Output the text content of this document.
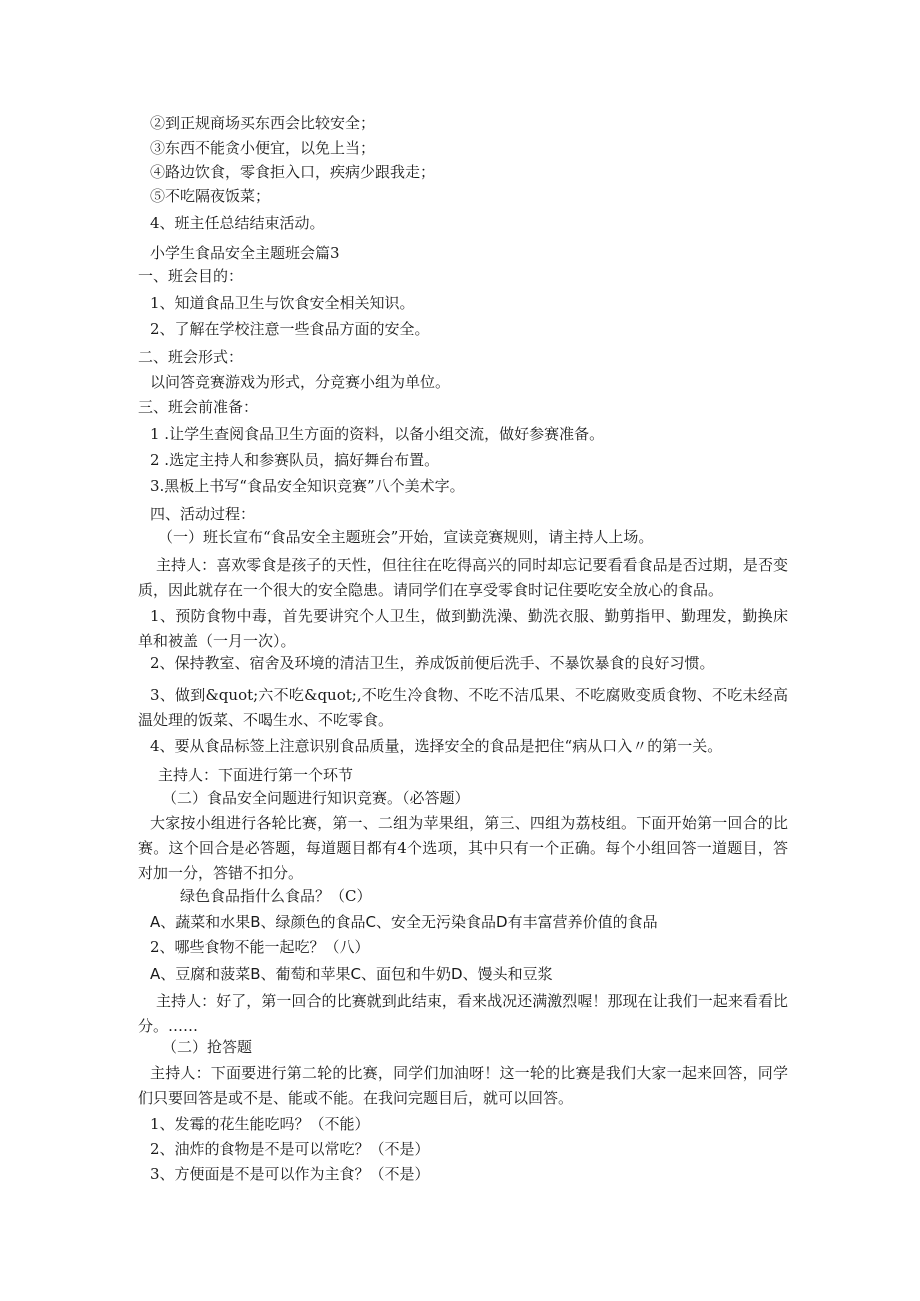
②到正规商场买东西会比较安全；
③东西不能贪小便宜，以免上当；
④路边饮食，零食拒入口，疾病少跟我走；
⑤不吃隔夜饭菜；
4、班主任总结结束活动。
小学生食品安全主题班会篇3
一、班会目的：
1、知道食品卫生与饮食安全相关知识。
2、了解在学校注意一些食品方面的安全。
二、班会形式：
以问答竞赛游戏为形式，分竞赛小组为单位。
三、班会前准备：
1 .让学生查阅食品卫生方面的资料，以备小组交流，做好参赛准备。
2 .选定主持人和参赛队员，搞好舞台布置。
3.黑板上书写“食品安全知识竞赛”八个美术字。
四、活动过程：
（一）班长宣布“食品安全主题班会”开始，宣读竞赛规则，请主持人上场。
主持人：喜欢零食是孩子的天性，但往往在吃得高兴的同时却忘记要看看食品是否过期，是否变质，因此就存在一个很大的安全隐患。请同学们在享受零食时记住要吃安全放心的食品。
1、预防食物中毒，首先要讲究个人卫生，做到勤洗澡、勤洗衣服、勤剪指甲、勤理发，勤换床单和被盖（一月一次）。
2、保持教室、宿舍及环境的清洁卫生，养成饭前便后洗手、不暴饮暴食的良好习惯。
3、做到&quot;六不吃&quot;,不吃生冷食物、不吃不洁瓜果、不吃腐败变质食物、不吃未经高温处理的饭菜、不喝生水、不吃零食。
4、要从食品标签上注意识别食品质量，选择安全的食品是把住“病从口入〃的第一关。
主持人：下面进行第一个环节
（二）食品安全问题进行知识竞赛。（必答题）
大家按小组进行各轮比赛，第一、二组为苹果组，第三、四组为荔枝组。下面开始第一回合的比赛。这个回合是必答题，每道题目都有4个选项，其中只有一个正确。每个小组回答一道题目，答对加一分，答错不扣分。
绿色食品指什么食品？（C）
A、蔬菜和水果B、绿颜色的食品C、安全无污染食品D有丰富营养价值的食品
2、哪些食物不能一起吃？（八）
A、豆腐和菠菜B、葡萄和苹果C、面包和牛奶D、馒头和豆浆
主持人：好了，第一回合的比赛就到此结束，看来战况还满激烈喔！那现在让我们一起来看看比分。……
（二）抢答题
主持人：下面要进行第二轮的比赛，同学们加油呀！这一轮的比赛是我们大家一起来回答，同学们只要回答是或不是、能或不能。在我问完题目后，就可以回答。
1、发霉的花生能吃吗？（不能）
2、油炸的食物是不是可以常吃？（不是）
3、方便面是不是可以作为主食？（不是）
